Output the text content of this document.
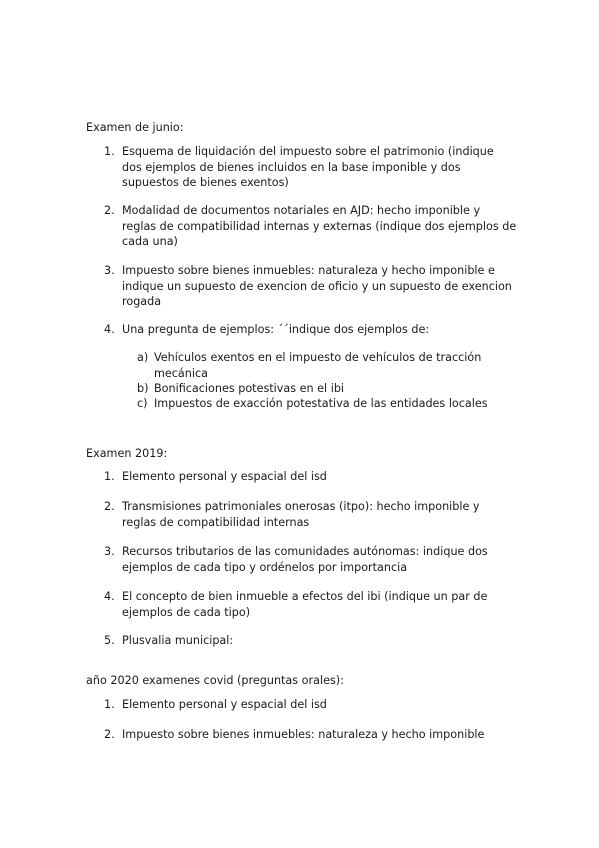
Examen de junio:

1. Esquema de liquidación del impuesto sobre el patrimonio (indique dos ejemplos de bienes incluidos en la base imponible y dos supuestos de bienes exentos)
2. Modalidad de documentos notariales en AJD: hecho imponible y reglas de compatibilidad internas y externas (indique dos ejemplos de cada una)
3. Impuesto sobre bienes inmuebles: naturaleza y hecho imponible e indique un supuesto de exencion de oficio y un supuesto de exencion rogada
4. Una pregunta de ejemplos: ´´indique dos ejemplos de:
a) Vehículos exentos en el impuesto de vehículos de tracción mecánica
b) Bonificaciones potestivas en el ibi
c) Impuestos de exacción potestativa de las entidades locales

Examen 2019:

1. Elemento personal y espacial del isd
2. Transmisiones patrimoniales onerosas (itpo): hecho imponible y reglas de compatibilidad internas
3. Recursos tributarios de las comunidades autónomas: indique dos ejemplos de cada tipo y ordénelos por importancia
4. El concepto de bien inmueble a efectos del ibi (indique un par de ejemplos de cada tipo)
5. Plusvalia municipal:

año 2020 examenes covid (preguntas orales):

1. Elemento personal y espacial del isd
2. Impuesto sobre bienes inmuebles: naturaleza y hecho imponible
